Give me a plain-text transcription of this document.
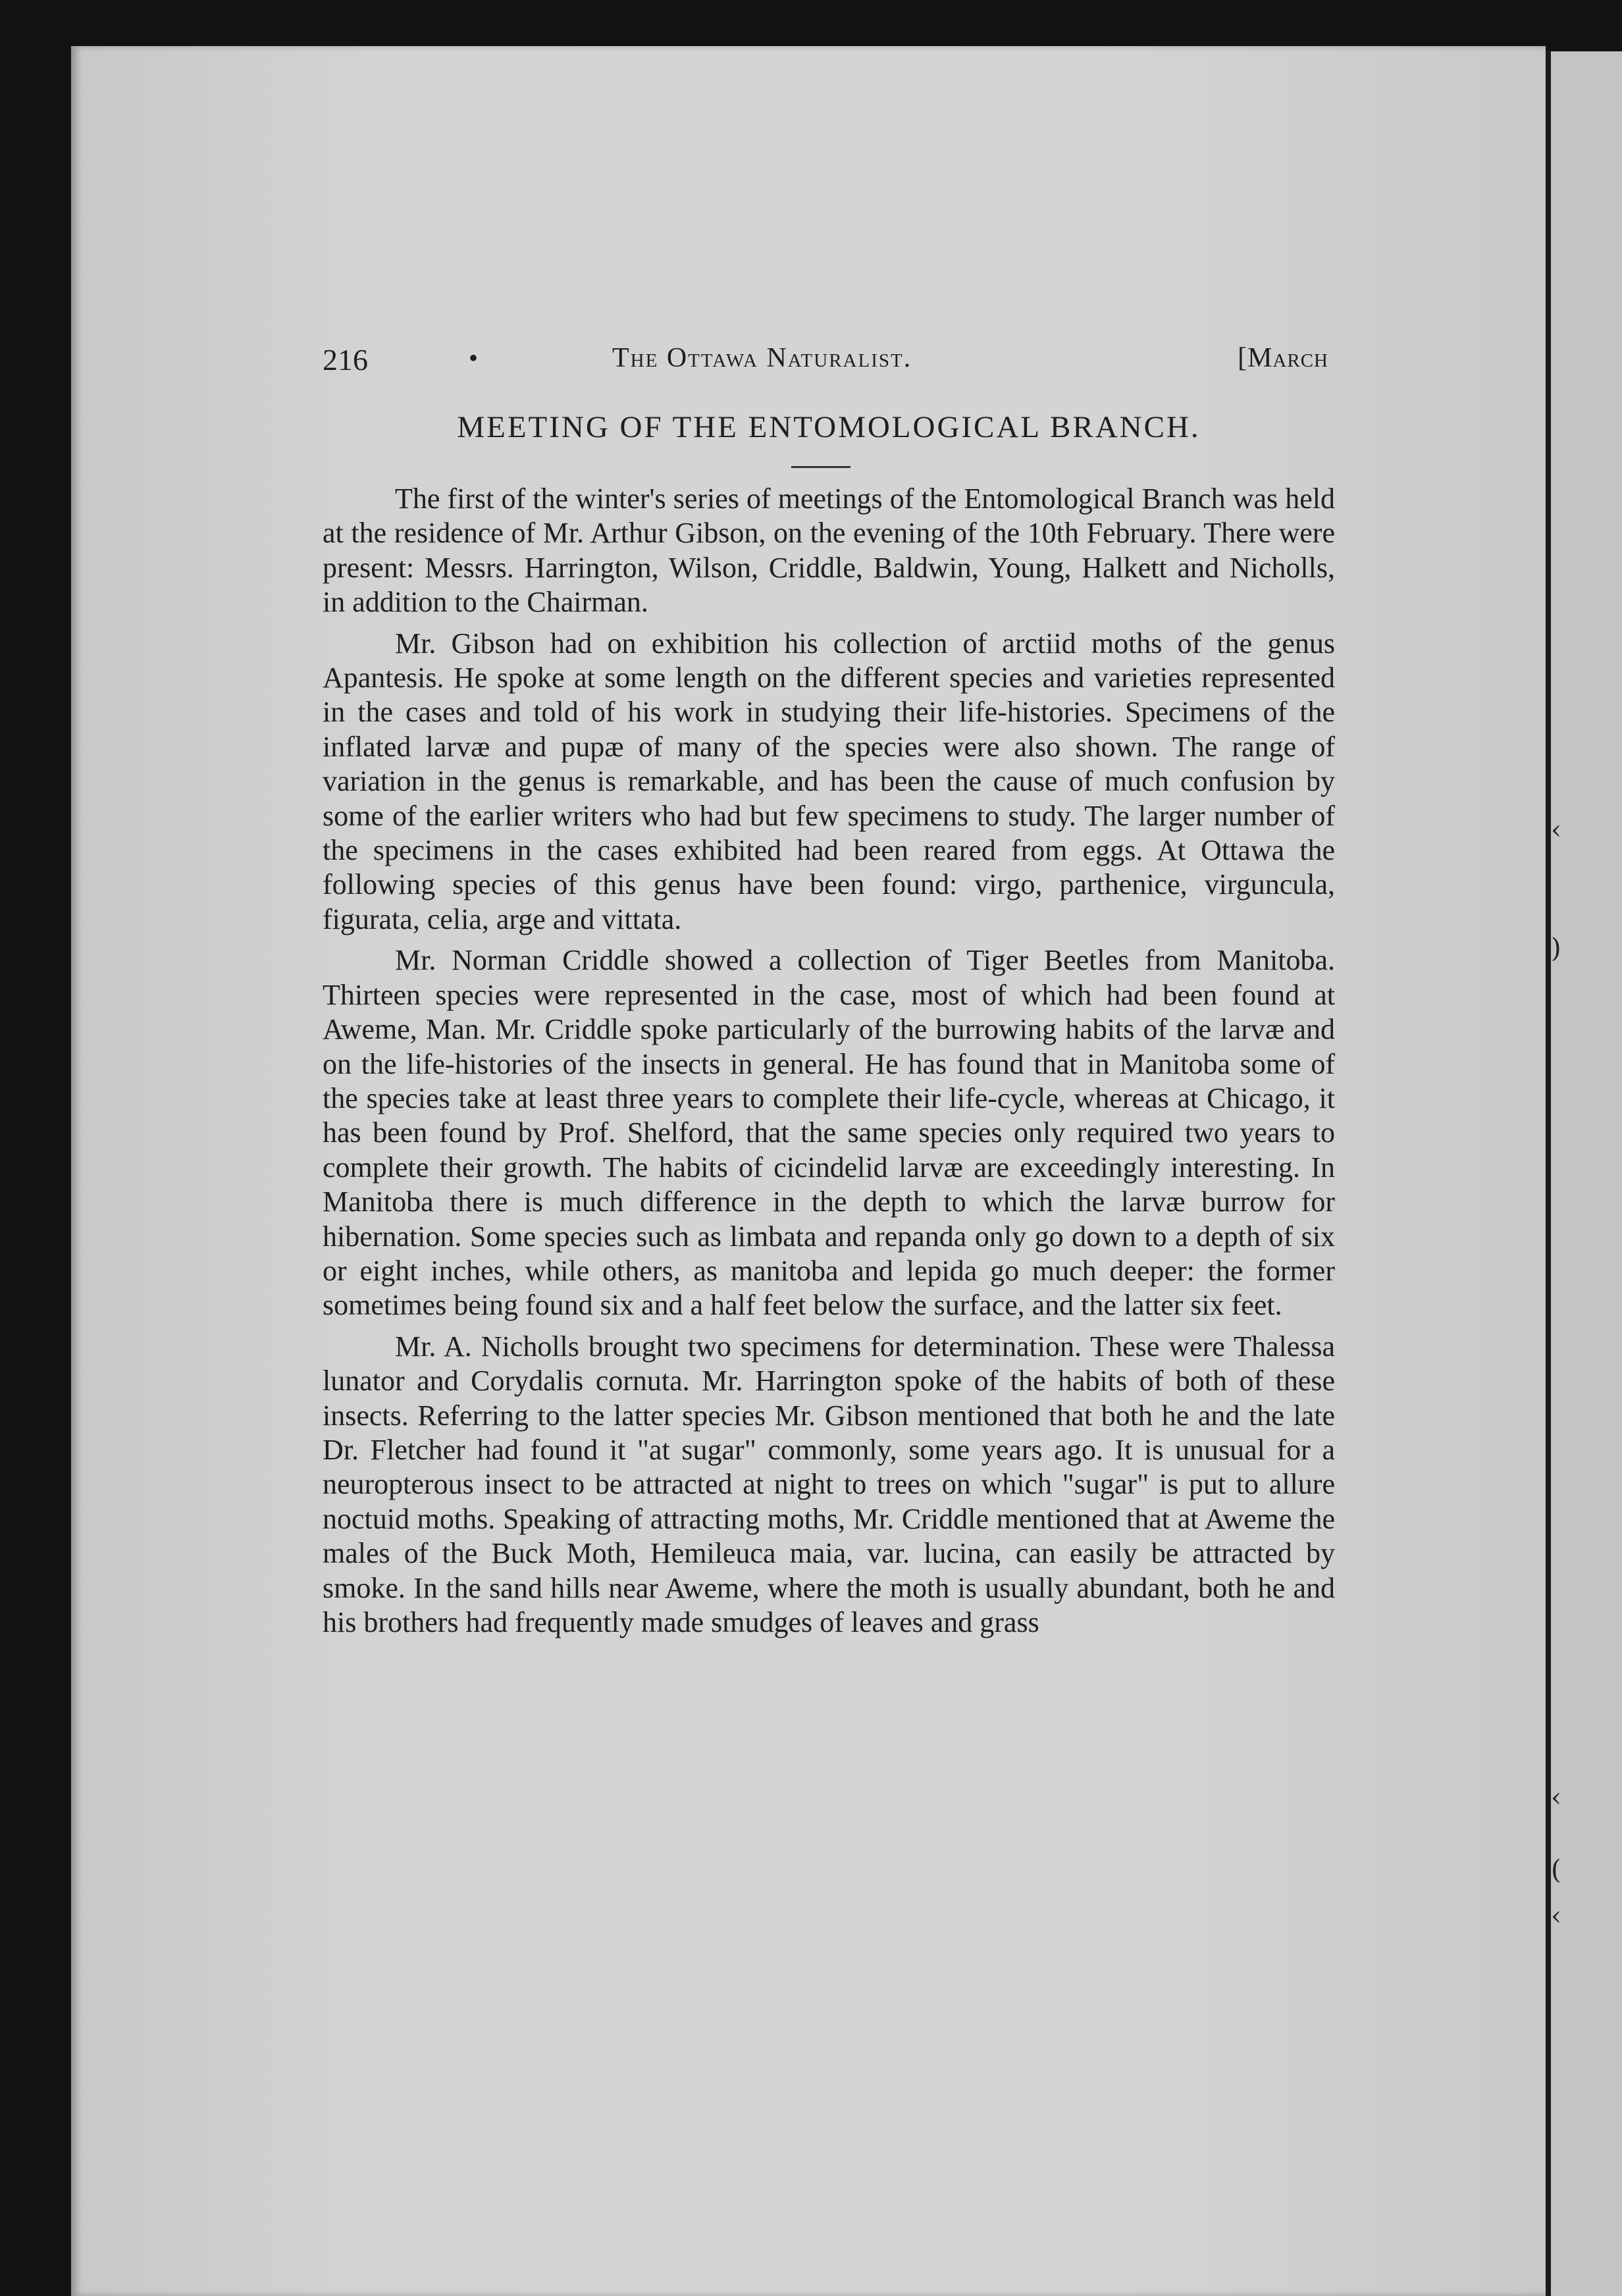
‹
)
‹
(
‹
216	•	The Ottawa Naturalist.	[March
MEETING OF THE ENTOMOLOGICAL BRANCH.

The first of the winter's series of meetings of the Entomological Branch was held at the residence of Mr. Arthur Gibson, on the evening of the 10th February. There were present: Messrs. Harrington, Wilson, Criddle, Baldwin, Young, Halkett and Nicholls, in addition to the Chairman.

Mr. Gibson had on exhibition his collection of arctiid moths of the genus Apantesis. He spoke at some length on the different species and varieties represented in the cases and told of his work in studying their life-histories. Specimens of the inflated larvæ and pupæ of many of the species were also shown. The range of variation in the genus is remarkable, and has been the cause of much confusion by some of the earlier writers who had but few specimens to study. The larger number of the specimens in the cases exhibited had been reared from eggs. At Ottawa the following species of this genus have been found: virgo, parthenice, virguncula, figurata, celia, arge and vittata.

Mr. Norman Criddle showed a collection of Tiger Beetles from Manitoba. Thirteen species were represented in the case, most of which had been found at Aweme, Man. Mr. Criddle spoke particularly of the burrowing habits of the larvæ and on the life-histories of the insects in general. He has found that in Manitoba some of the species take at least three years to complete their life-cycle, whereas at Chicago, it has been found by Prof. Shelford, that the same species only required two years to complete their growth. The habits of cicindelid larvæ are exceedingly interesting. In Manitoba there is much difference in the depth to which the larvæ burrow for hibernation. Some species such as limbata and repanda only go down to a depth of six or eight inches, while others, as manitoba and lepida go much deeper: the former sometimes being found six and a half feet below the surface, and the latter six feet.

Mr. A. Nicholls brought two specimens for determination. These were Thalessa lunator and Corydalis cornuta. Mr. Harrington spoke of the habits of both of these insects. Referring to the latter species Mr. Gibson mentioned that both he and the late Dr. Fletcher had found it "at sugar" commonly, some years ago. It is unusual for a neuropterous insect to be attracted at night to trees on which "sugar" is put to allure noctuid moths. Speaking of attracting moths, Mr. Criddle mentioned that at Aweme the males of the Buck Moth, Hemileuca maia, var. lucina, can easily be attracted by smoke. In the sand hills near Aweme, where the moth is usually abundant, both he and his brothers had frequently made smudges of leaves and grass
